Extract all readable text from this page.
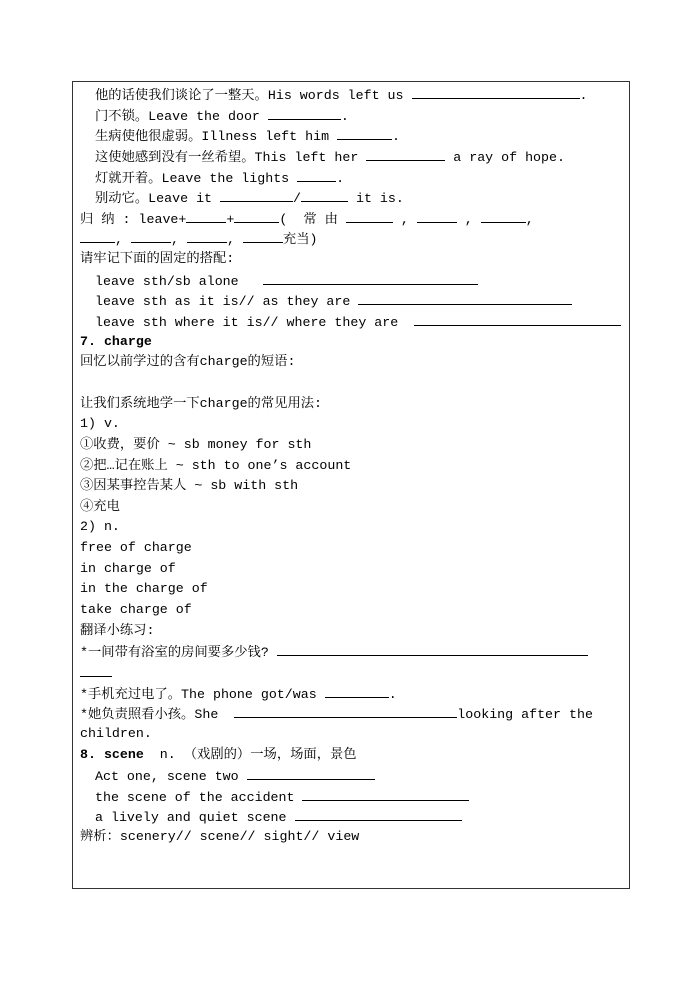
他的话使我们谈论了一整天。His words left us	.
门不锁。Leave the door	.
生病使他很虚弱。Illness left him	.
这使她感到没有一丝希望。This left her	a ray of hope.
灯就开着。Leave the lights	.
别动它。Leave it	/	it is.
归 纳 : leave+	+	(  常 由	,	,	,
,	,	,	充当)
请牢记下面的固定的搭配:
leave sth/sb alone
leave sth as it is// as they are
leave sth where it is// where they are
7. charge
回忆以前学过的含有charge的短语:
让我们系统地学一下charge的常见用法:
1) v.
①收费，要价 ~ sb money for sth
②把…记在账上 ~ sth to one’s account
③因某事控告某人 ~ sb with sth
④充电
2) n.
free of charge
in charge of
in the charge of
take charge of
翻译小练习:
*一间带有浴室的房间要多少钱?
*手机充过电了。The phone got/was	.
*她负责照看小孩。She	looking after the
children.
8. scene  n. （戏剧的）一场，场面，景色
Act one, scene two
the scene of the accident
a lively and quiet scene
辨析：scenery// scene// sight// view
